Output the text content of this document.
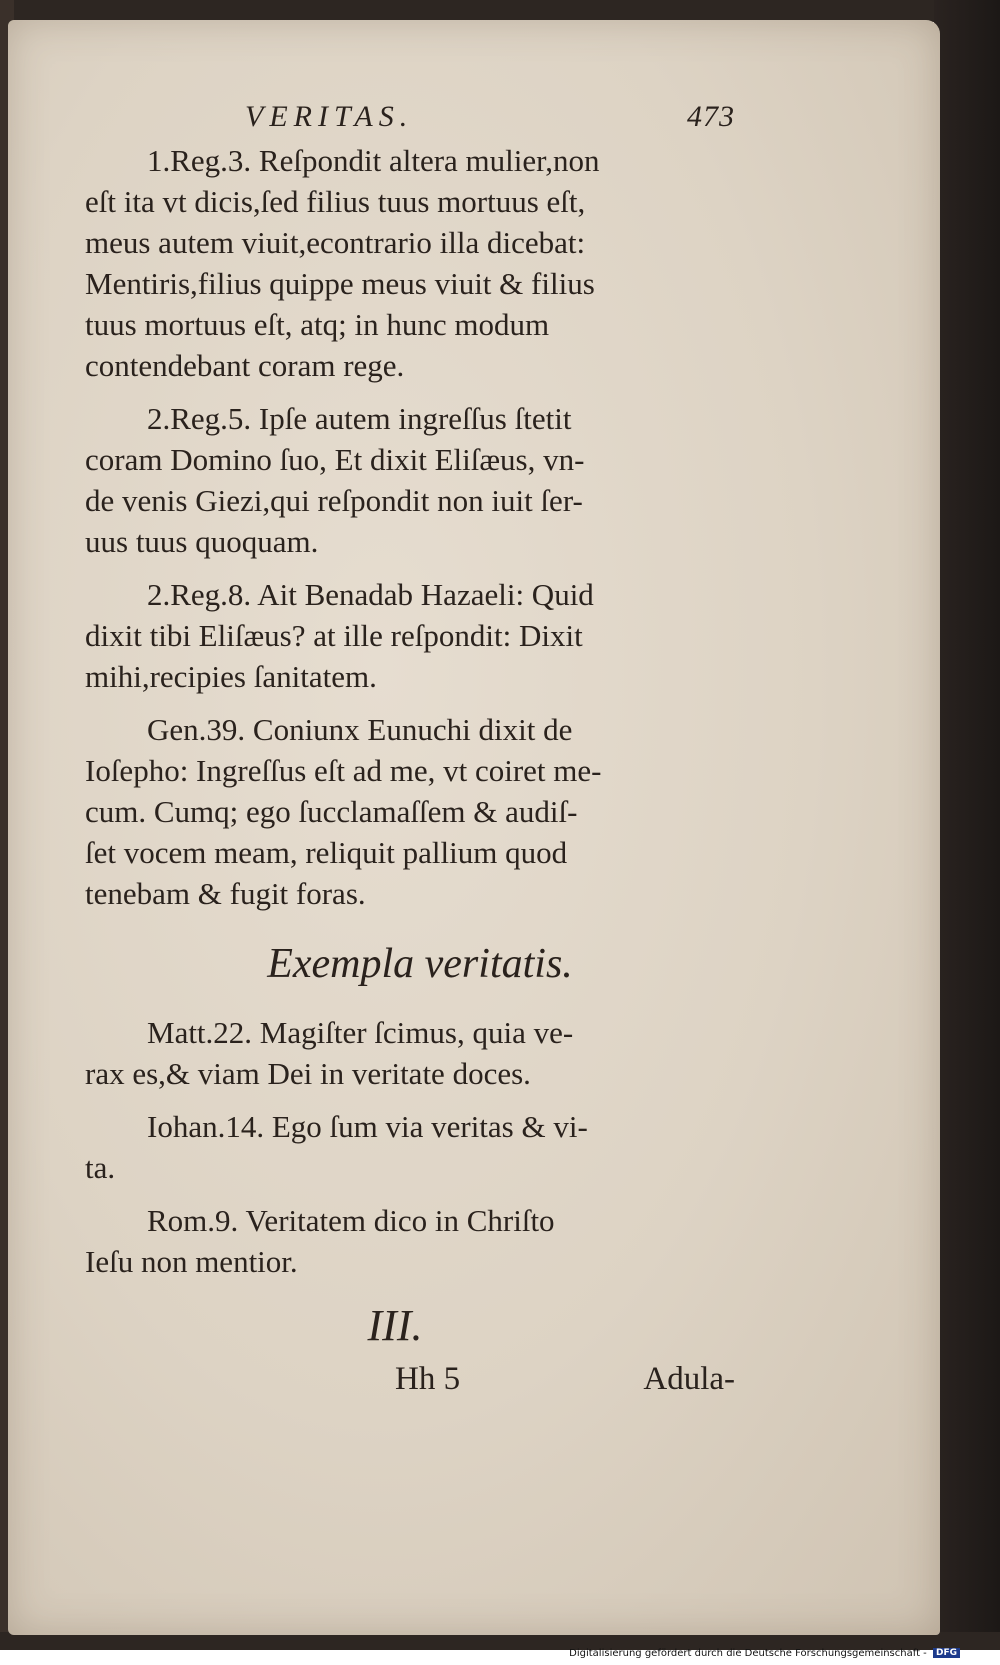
VERITAS.	473
1.Reg.3. Reſpondit altera mulier,non
eſt ita vt dicis,ſed filius tuus mortuus eſt,
meus autem viuit,econtrario illa dicebat:
Mentiris,filius quippe meus viuit & filius
tuus mortuus eſt, atq; in hunc modum
contendebant coram rege.
2.Reg.5. Ipſe autem ingreſſus ſtetit
coram Domino ſuo, Et dixit Eliſæus, vn-
de venis Giezi,qui reſpondit non iuit ſer-
uus tuus quoquam.
2.Reg.8. Ait Benadab Hazaeli: Quid
dixit tibi Eliſæus? at ille reſpondit: Dixit
mihi,recipies ſanitatem.
Gen.39. Coniunx Eunuchi dixit de
Ioſepho: Ingreſſus eſt ad me, vt coiret me-
cum. Cumq; ego ſucclamaſſem & audiſ-
ſet vocem meam, reliquit pallium quod
tenebam & fugit foras.
Exempla veritatis.
Matt.22. Magiſter ſcimus, quia ve-
rax es,& viam Dei in veritate doces.
Iohan.14. Ego ſum via veritas & vi-
ta.
Rom.9. Veritatem dico in Chriſto
Ieſu non mentior.
III.
Hh 5	Adula-
Digitalisierung gefördert durch die Deutsche Forschungsgemeinschaft - DFG
